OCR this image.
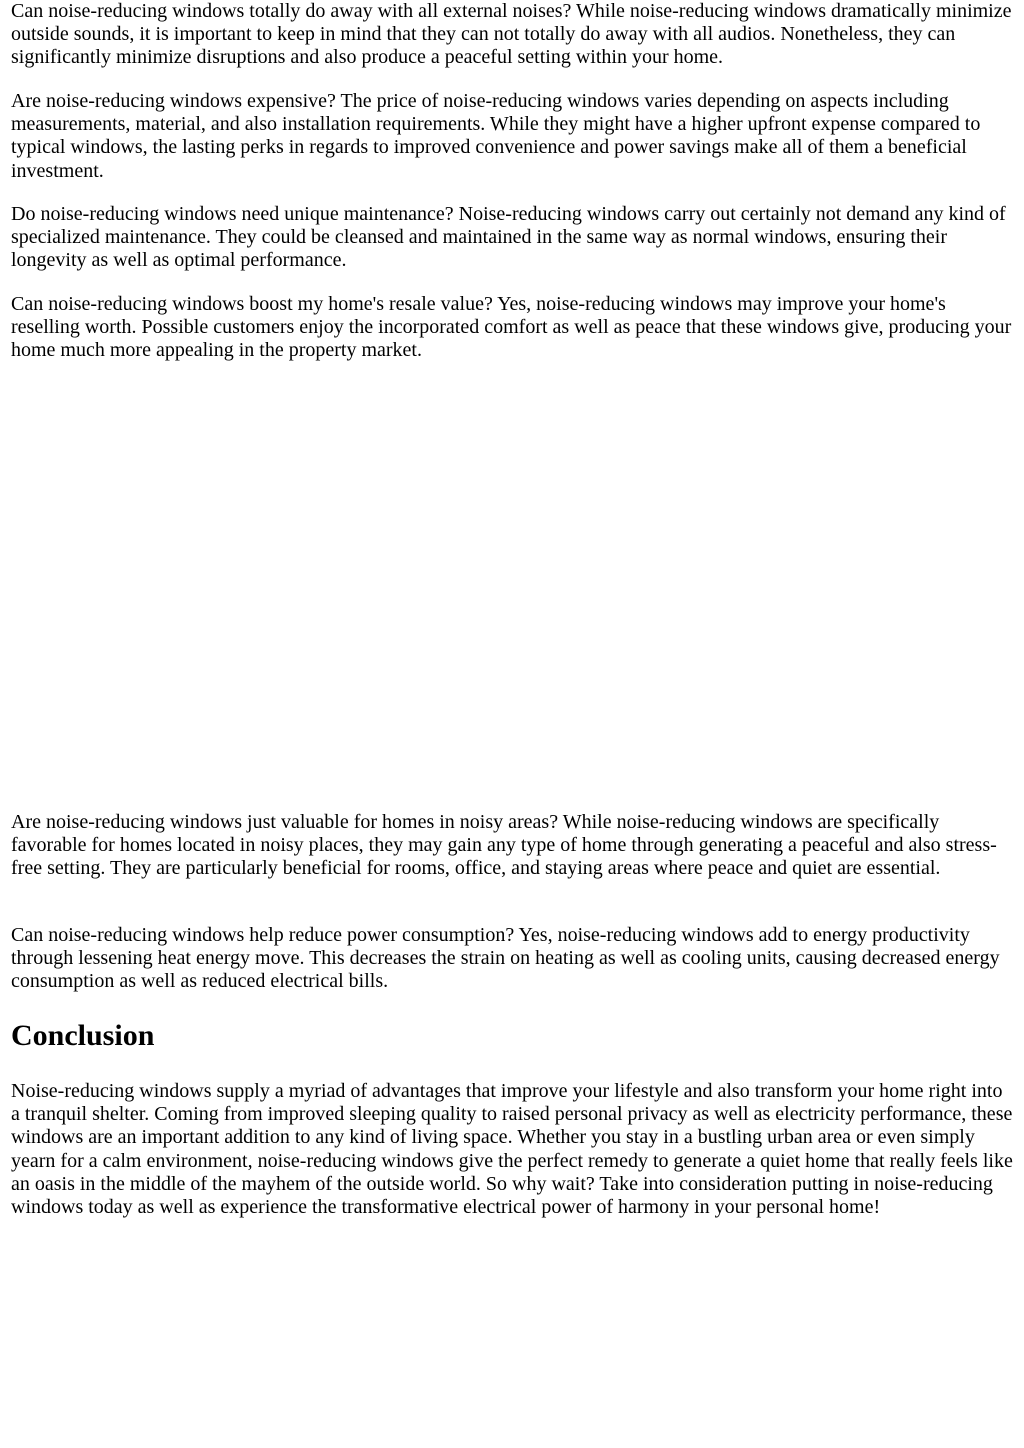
Can noise-reducing windows totally do away with all external noises? While noise-reducing windows dramatically minimize outside sounds, it is important to keep in mind that they can not totally do away with all audios. Nonetheless, they can significantly minimize disruptions and also produce a peaceful setting within your home.

Are noise-reducing windows expensive? The price of noise-reducing windows varies depending on aspects including measurements, material, and also installation requirements. While they might have a higher upfront expense compared to typical windows, the lasting perks in regards to improved convenience and power savings make all of them a beneficial investment.

Do noise-reducing windows need unique maintenance? Noise-reducing windows carry out certainly not demand any kind of specialized maintenance. They could be cleansed and maintained in the same way as normal windows, ensuring their longevity as well as optimal performance.

Can noise-reducing windows boost my home's resale value? Yes, noise-reducing windows may improve your home's reselling worth. Possible customers enjoy the incorporated comfort as well as peace that these windows give, producing your home much more appealing in the property market.

Are noise-reducing windows just valuable for homes in noisy areas? While noise-reducing windows are specifically favorable for homes located in noisy places, they may gain any type of home through generating a peaceful and also stress-free setting. They are particularly beneficial for rooms, office, and staying areas where peace and quiet are essential.

Can noise-reducing windows help reduce power consumption? Yes, noise-reducing windows add to energy productivity through lessening heat energy move. This decreases the strain on heating as well as cooling units, causing decreased energy consumption as well as reduced electrical bills.

Conclusion

Noise-reducing windows supply a myriad of advantages that improve your lifestyle and also transform your home right into a tranquil shelter. Coming from improved sleeping quality to raised personal privacy as well as electricity performance, these windows are an important addition to any kind of living space. Whether you stay in a bustling urban area or even simply yearn for a calm environment, noise-reducing windows give the perfect remedy to generate a quiet home that really feels like an oasis in the middle of the mayhem of the outside world. So why wait? Take into consideration putting in noise-reducing windows today as well as experience the transformative electrical power of harmony in your personal home!
